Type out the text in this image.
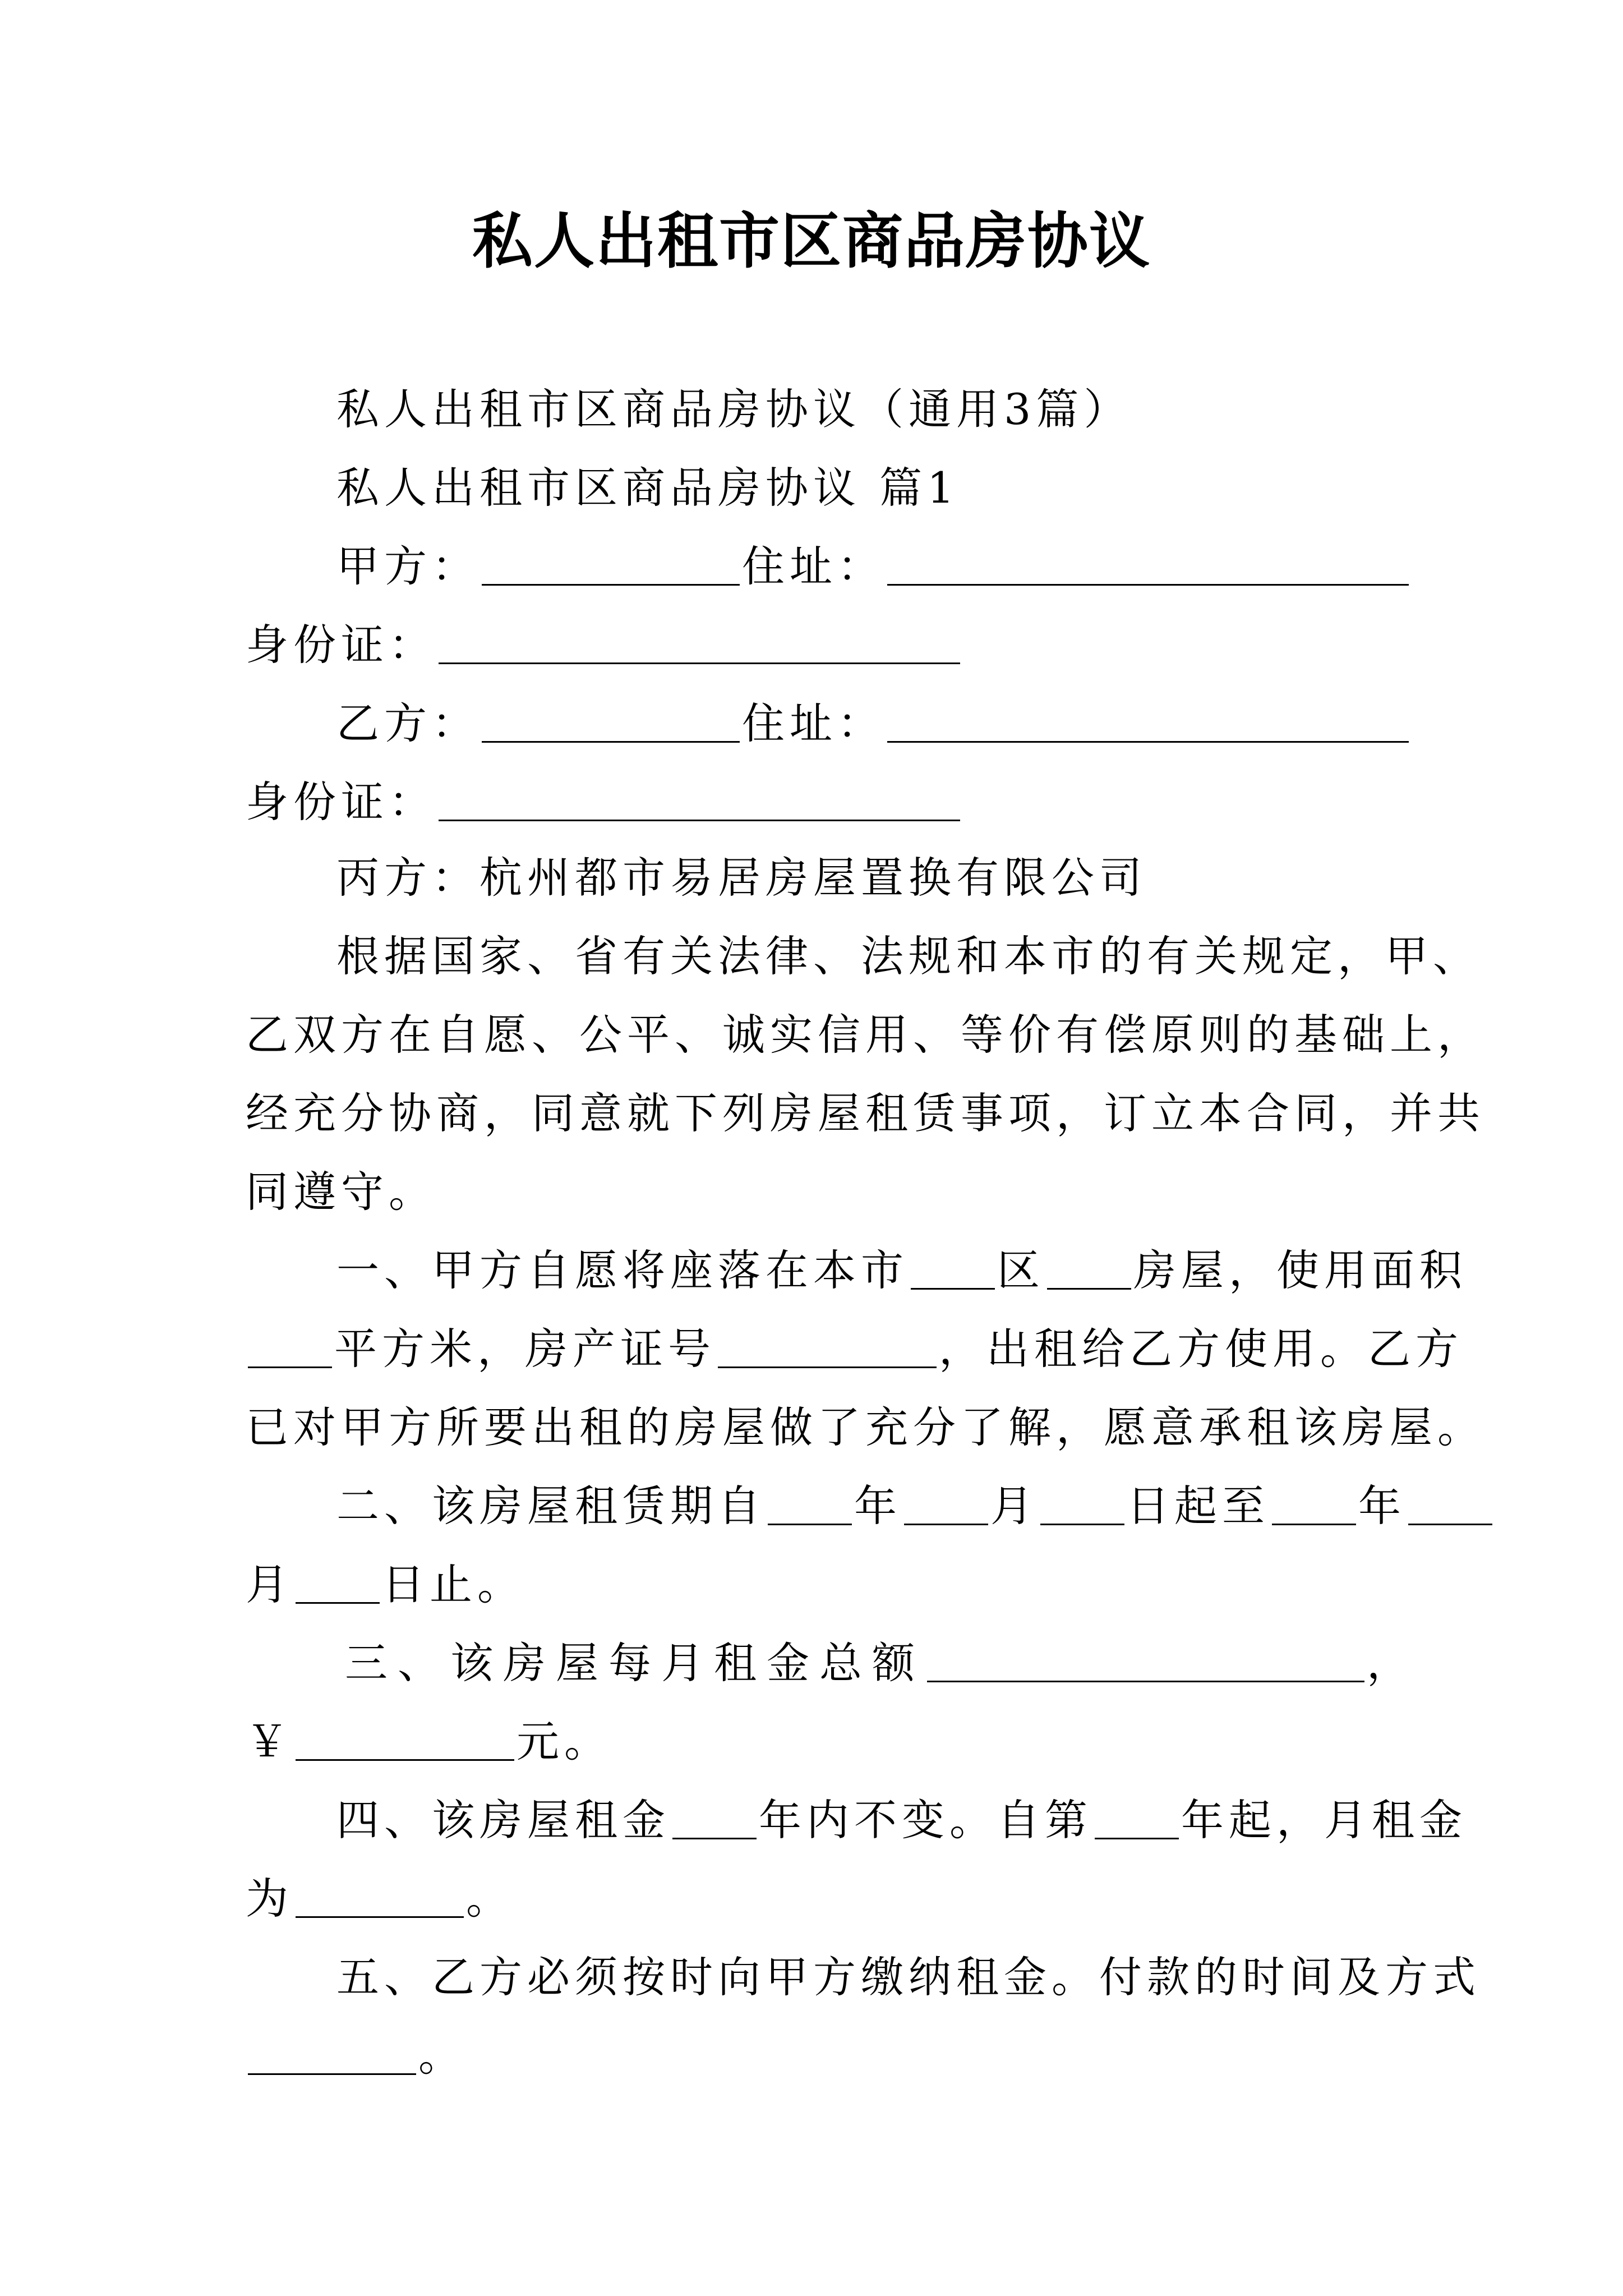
私人出租市区商品房协议
私人出租市区商品房协议（通用3篇）
私人出租市区商品房协议 篇1
甲方：	住址：
身份证：
乙方：	住址：
身份证：
丙方：杭州都市易居房屋置换有限公司
根据国家、省有关法律、法规和本市的有关规定，甲、
乙双方在自愿、公平、诚实信用、等价有偿原则的基础上，
经充分协商，同意就下列房屋租赁事项，订立本合同，并共
同遵守。
一、甲方自愿将座落在本市 区 房屋，使用面积
平方米，房产证号	，出租给乙方使用。乙方
已对甲方所要出租的房屋做了充分了解，愿意承租该房屋。
二、该房屋租赁期自 年 月 日起至 年
月 日止。
三、该房屋每月租金总额	，
￥	元。
四、该房屋租金 年内不变。自第 年起，月租金
为	。
五、乙方必须按时向甲方缴纳租金。付款的时间及方式
。
